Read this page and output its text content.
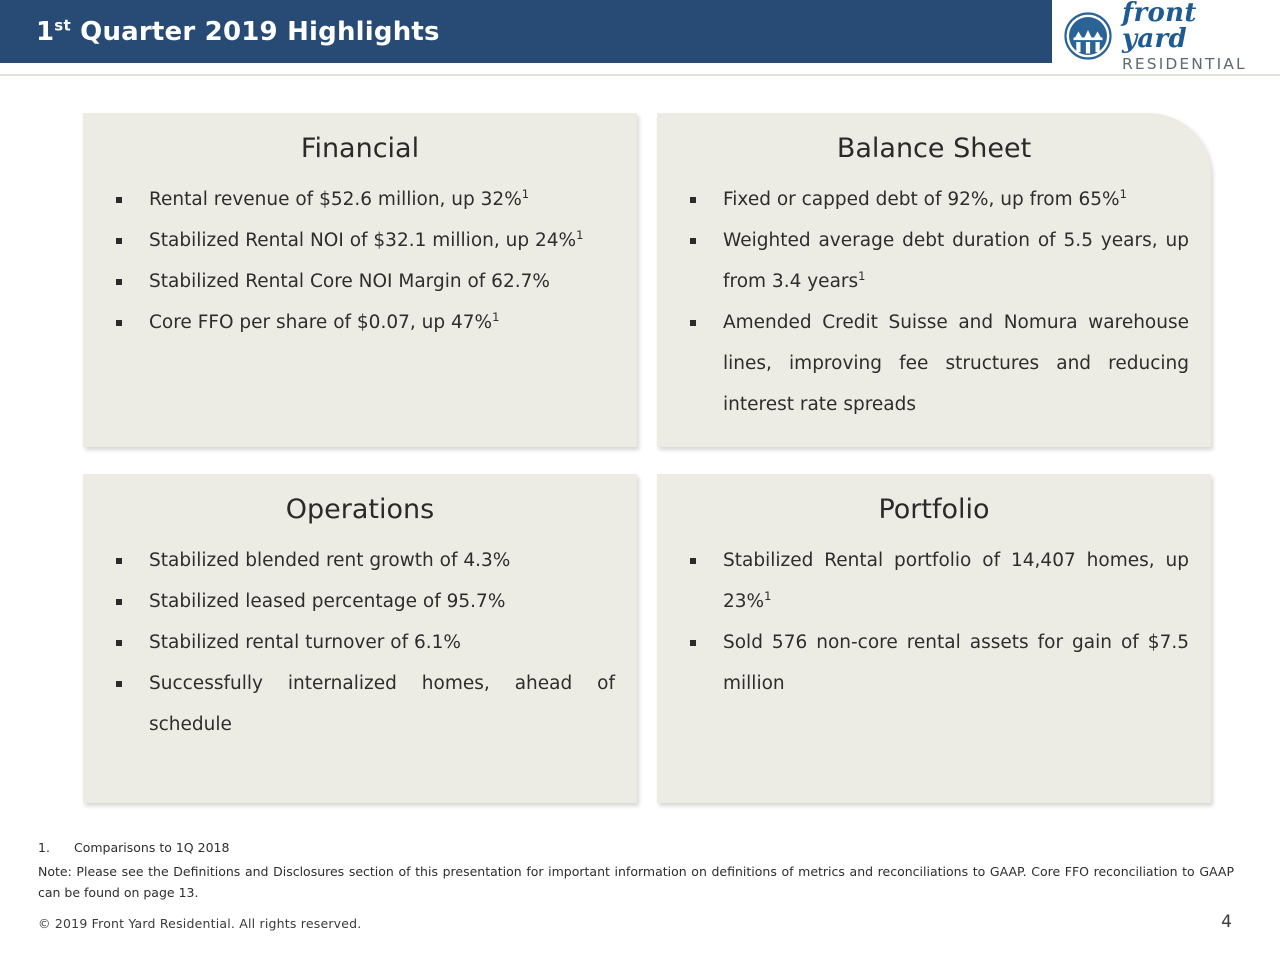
1st Quarter 2019 Highlights
front yard
RESIDENTIAL
Financial
Rental revenue of $52.6 million, up 32%$^1$
Stabilized Rental NOI of $32.1 million, up 24%$^1$
Stabilized Rental Core NOI Margin of 62.7%
Core FFO per share of $0.07, up 47%$^1$
Balance Sheet
Fixed or capped debt of 92%, up from 65%$^1$
Weighted average debt duration of 5.5 years, up from 3.4 years$^1$
Amended Credit Suisse and Nomura warehouse lines, improving fee structures and reducing interest rate spreads
Operations
Stabilized blended rent growth of 4.3%
Stabilized leased percentage of 95.7%
Stabilized rental turnover of 6.1%
Successfully internalized homes, ahead of schedule
Portfolio
Stabilized Rental portfolio of 14,407 homes, up 23%$^1$
Sold 576 non-core rental assets for gain of $7.5 million
1.	Comparisons to 1Q 2018
Note: Please see the Definitions and Disclosures section of this presentation for important information on definitions of metrics and reconciliations to GAAP. Core FFO reconciliation to GAAP can be found on page 13.
© 2019 Front Yard Residential. All rights reserved.	4
